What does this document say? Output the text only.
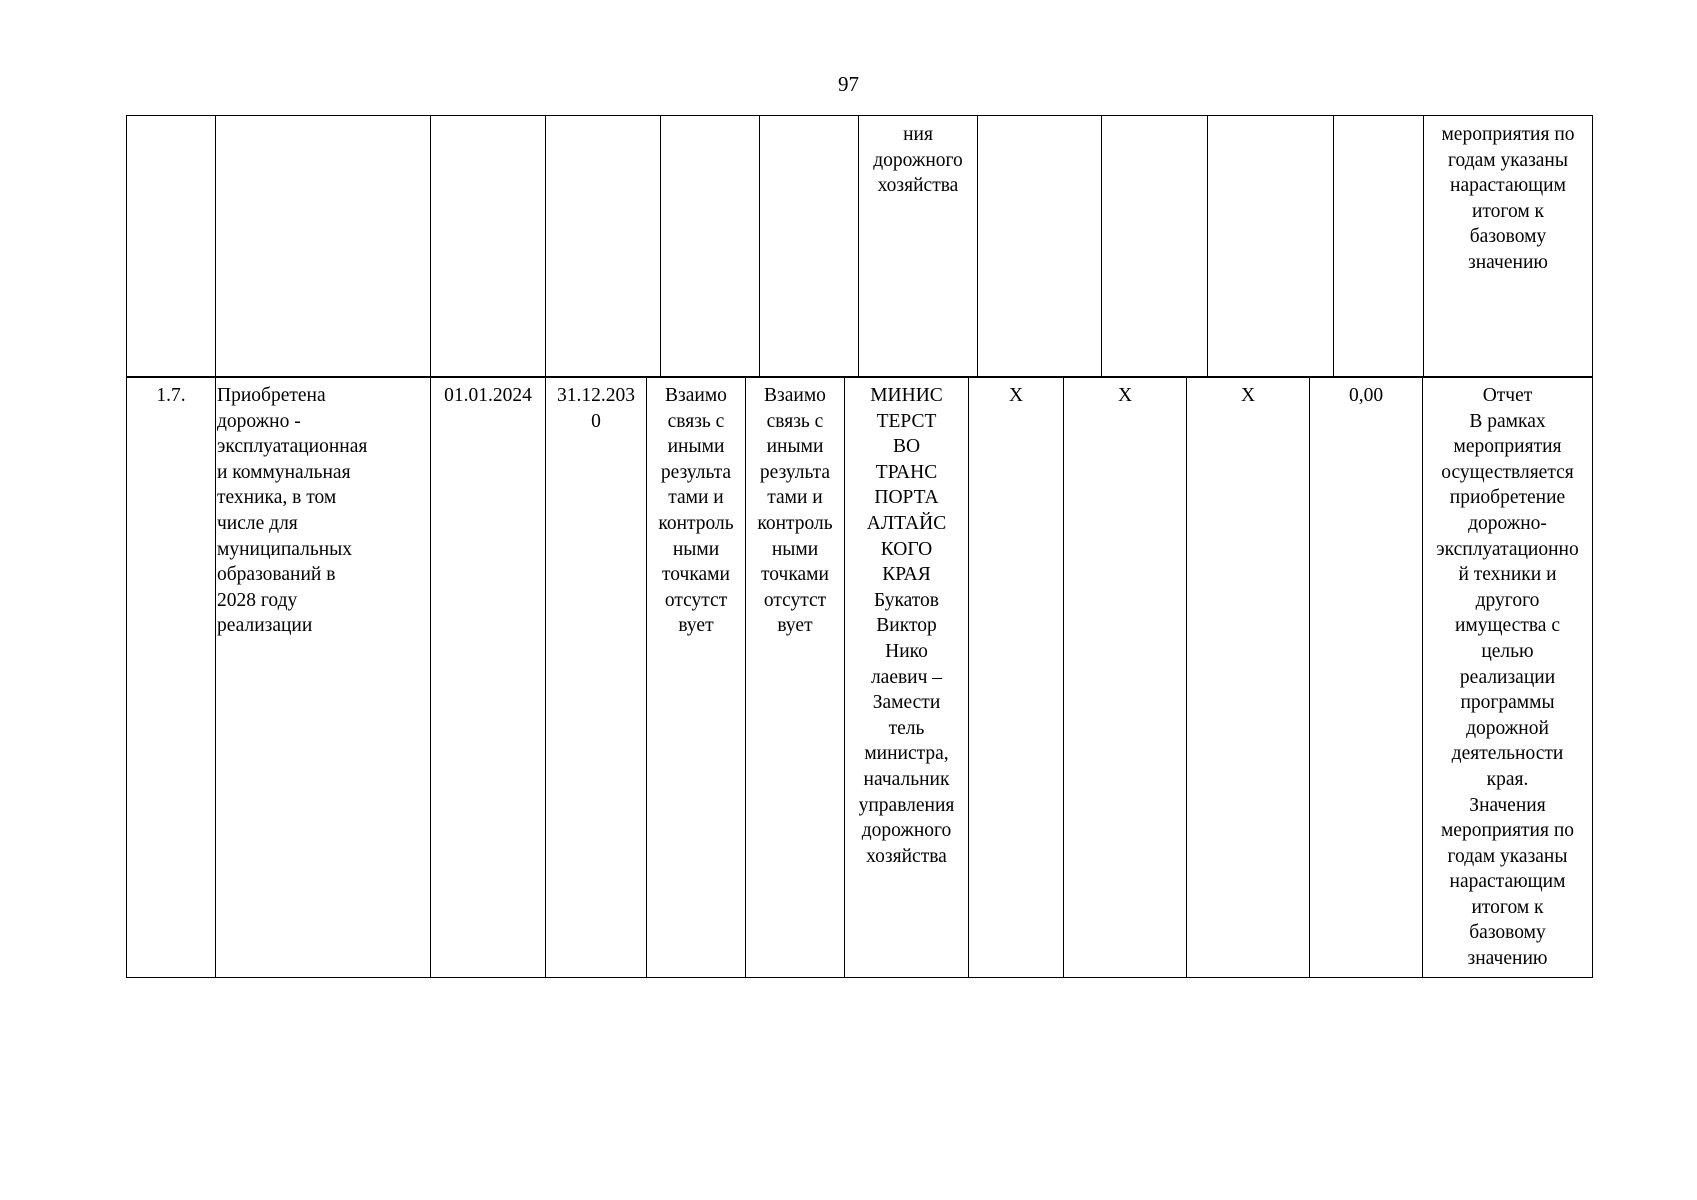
97
						ния
дорожного
хозяйства					мероприятия по
годам указаны
нарастающим
итогом к
базовому
значению
1.7.	Приобретена
дорожно -
эксплуатационная
и коммунальная
техника, в том
числе для
муниципальных
образований в
2028 году
реализации	01.01.2024	31.12.203
0	Взаимо
связь с
иными
результа
тами и
контроль
ными
точками
отсутст
вует	Взаимо
связь с
иными
результа
тами и
контроль
ными
точками
отсутст
вует	МИНИС
ТЕРСТ
ВО
ТРАНС
ПОРТА
АЛТАЙС
КОГО
КРАЯ
Букатов
Виктор
Нико
лаевич –
Замести
тель
министра,
начальник
управления
дорожного
хозяйства	X	X	X	0,00	Отчет
В рамках
мероприятия
осуществляется
приобретение
дорожно-
эксплуатационно
й техники и
другого
имущества с
целью
реализации
программы
дорожной
деятельности
края.
Значения
мероприятия по
годам указаны
нарастающим
итогом к
базовому
значению
